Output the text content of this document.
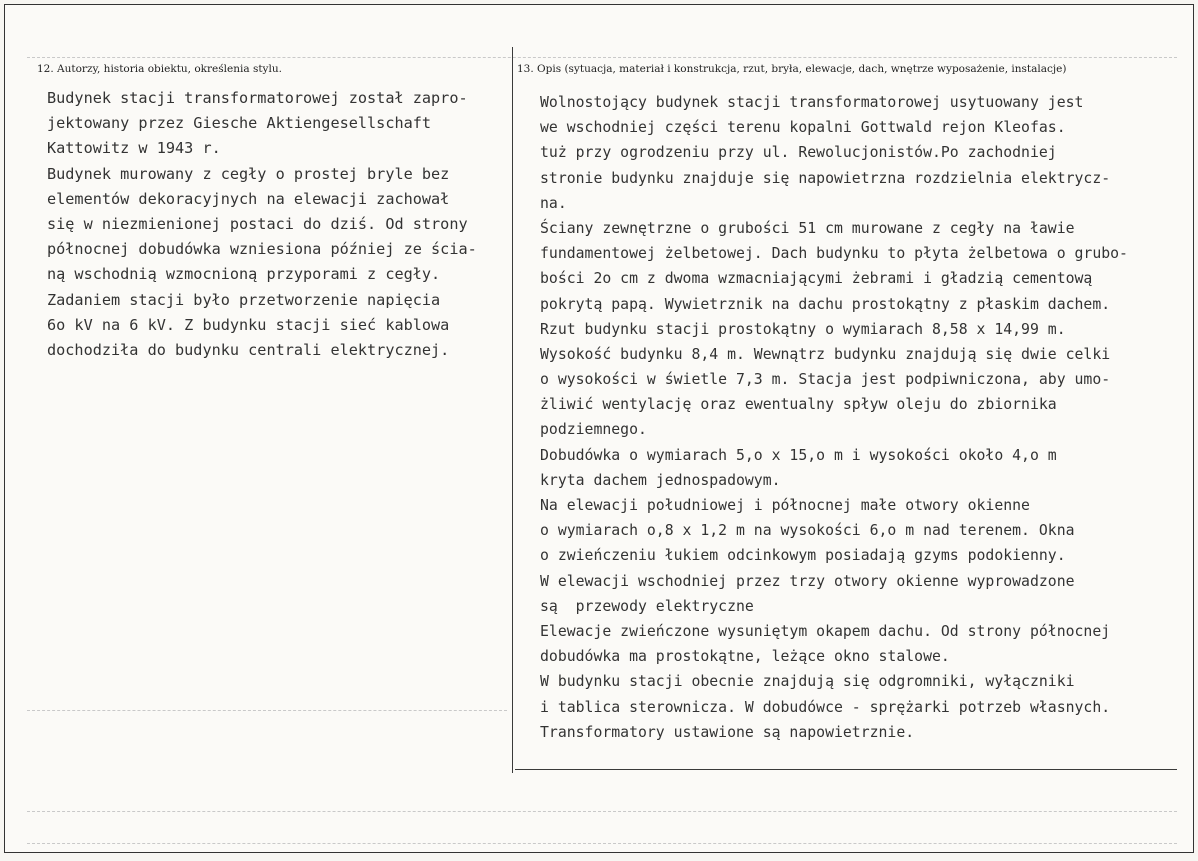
12. Autorzy, historia obiektu, określenia stylu.	13. Opis (sytuacja, materiał i konstrukcja, rzut, bryła, elewacje, dach, wnętrze wyposażenie, instalacje)
Budynek stacji transformatorowej został zapro-
jektowany przez Giesche Aktiengesellschaft
Kattowitz w 1943 r.
Budynek murowany z cegły o prostej bryle bez
elementów dekoracyjnych na elewacji zachował
się w niezmienionej postaci do dziś. Od strony
północnej dobudówka wzniesiona później ze ścia-
ną wschodnią wzmocnioną przyporami z cegły.
Zadaniem stacji było przetworzenie napięcia
6o kV na 6 kV. Z budynku stacji sieć kablowa
dochodziła do budynku centrali elektrycznej.
Wolnostojący budynek stacji transformatorowej usytuowany jest
we wschodniej części terenu kopalni Gottwald rejon Kleofas.
tuż przy ogrodzeniu przy ul. Rewolucjonistów.Po zachodniej
stronie budynku znajduje się napowietrzna rozdzielnia elektrycz-
na.
Ściany zewnętrzne o grubości 51 cm murowane z cegły na ławie
fundamentowej żelbetowej. Dach budynku to płyta żelbetowa o grubo-
bości 2o cm z dwoma wzmacniającymi żebrami i gładzią cementową
pokrytą papą. Wywietrznik na dachu prostokątny z płaskim dachem.
Rzut budynku stacji prostokątny o wymiarach 8,58 x 14,99 m.
Wysokość budynku 8,4 m. Wewnątrz budynku znajdują się dwie celki
o wysokości w świetle 7,3 m. Stacja jest podpiwniczona, aby umo-
żliwić wentylację oraz ewentualny spływ oleju do zbiornika
podziemnego.
Dobudówka o wymiarach 5,o x 15,o m i wysokości około 4,o m
kryta dachem jednospadowym.
Na elewacji południowej i północnej małe otwory okienne
o wymiarach o,8 x 1,2 m na wysokości 6,o m nad terenem. Okna
o zwieńczeniu łukiem odcinkowym posiadają gzyms podokienny.
W elewacji wschodniej przez trzy otwory okienne wyprowadzone
są  przewody elektryczne
Elewacje zwieńczone wysuniętym okapem dachu. Od strony północnej
dobudówka ma prostokątne, leżące okno stalowe.
W budynku stacji obecnie znajdują się odgromniki, wyłączniki
i tablica sterownicza. W dobudówce - sprężarki potrzeb własnych.
Transformatory ustawione są napowietrznie.
